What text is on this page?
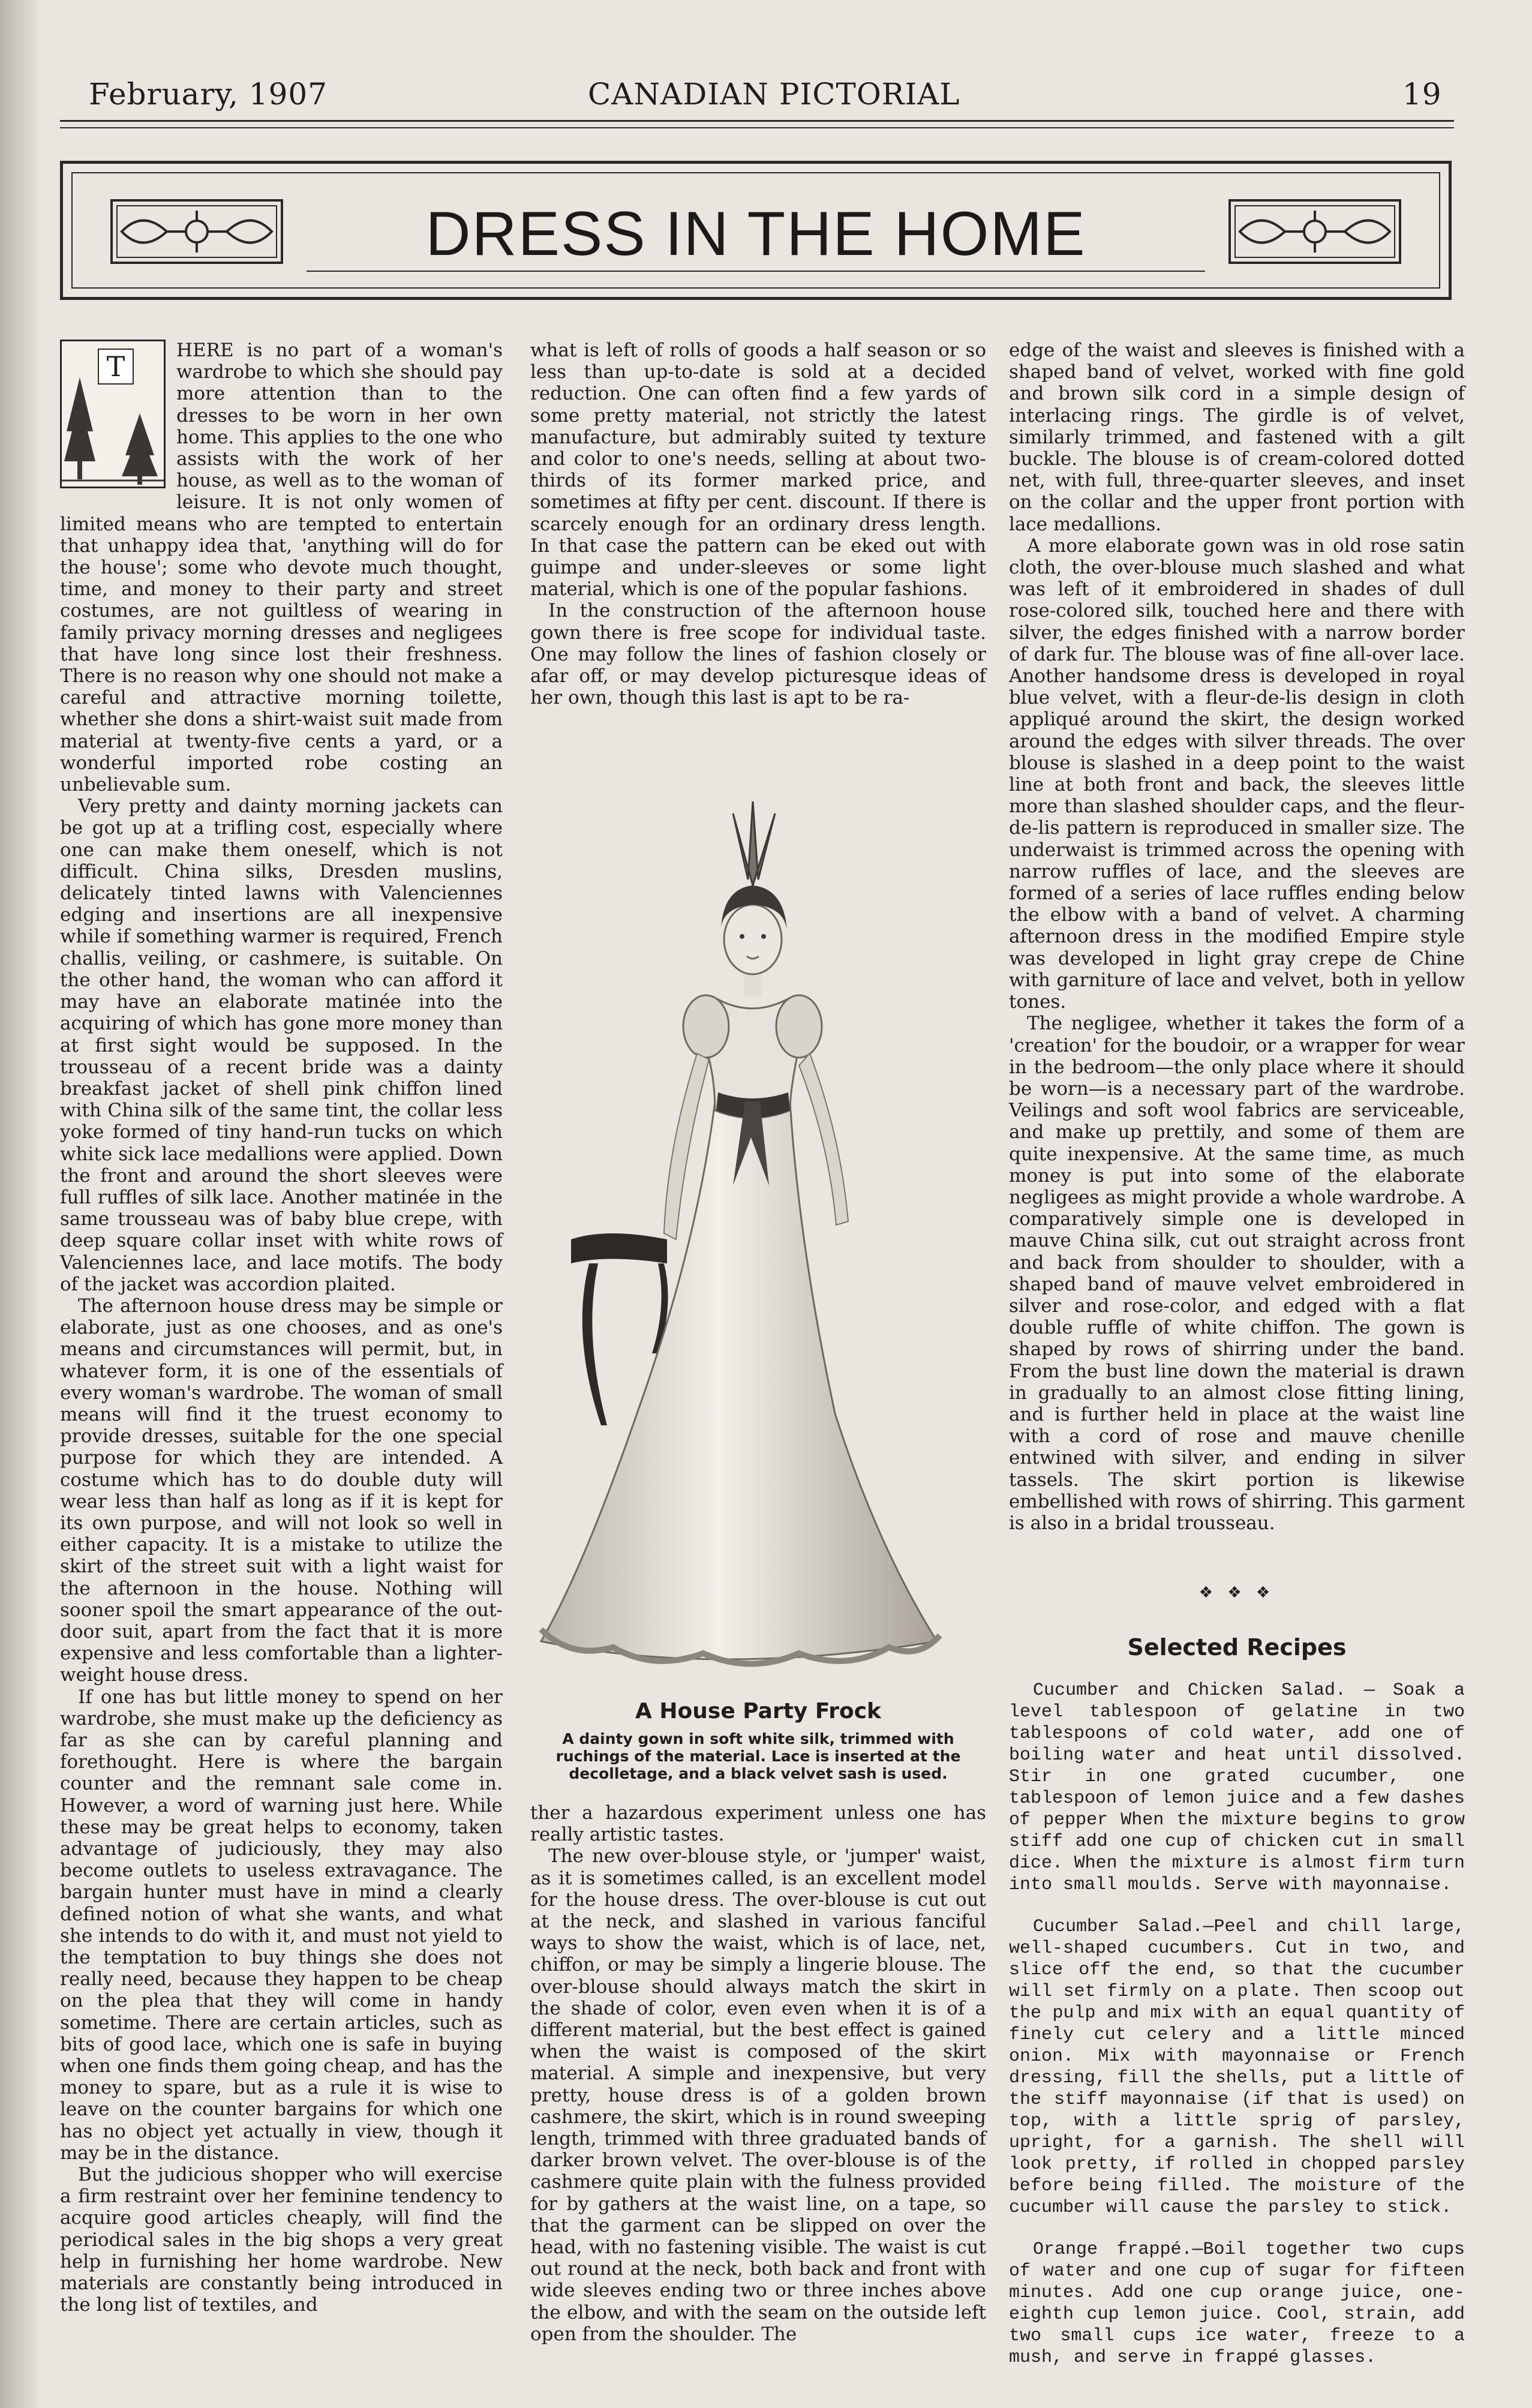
February, 1907	CANADIAN PICTORIAL	19
DRESS IN THE HOME
T	HERE is no part of a woman's wardrobe to which she should pay more attention than to the dresses to be worn in her own home. This applies to the one who assists with the work of her house, as well as to the woman of leisure. It is not only women of limited means who are tempted to entertain that unhappy idea that, 'anything will do for the house'; some who devote much thought, time, and money to their party and street costumes, are not guiltless of wearing in family privacy morning dresses and negligees that have long since lost their freshness. There is no reason why one should not make a careful and attractive morning toilette, whether she dons a shirt-waist suit made from material at twenty-five cents a yard, or a wonderful imported robe costing an unbelievable sum.

Very pretty and dainty morning jackets can be got up at a trifling cost, especially where one can make them oneself, which is not difficult. China silks, Dresden muslins, delicately tinted lawns with Valenciennes edging and insertions are all inexpensive while if something warmer is required, French challis, veiling, or cashmere, is suitable. On the other hand, the woman who can afford it may have an elaborate matinée into the acquiring of which has gone more money than at first sight would be supposed. In the trousseau of a recent bride was a dainty breakfast jacket of shell pink chiffon lined with China silk of the same tint, the collar less yoke formed of tiny hand-run tucks on which white sick lace medallions were applied. Down the front and around the short sleeves were full ruffles of silk lace. Another matinée in the same trousseau was of baby blue crepe, with deep square collar inset with white rows of Valenciennes lace, and lace motifs. The body of the jacket was accordion plaited.

The afternoon house dress may be simple or elaborate, just as one chooses, and as one's means and circumstances will permit, but, in whatever form, it is one of the essentials of every woman's wardrobe. The woman of small means will find it the truest economy to provide dresses, suitable for the one special purpose for which they are intended. A costume which has to do double duty will wear less than half as long as if it is kept for its own purpose, and will not look so well in either capacity. It is a mistake to utilize the skirt of the street suit with a light waist for the afternoon in the house. Nothing will sooner spoil the smart appearance of the out-door suit, apart from the fact that it is more expensive and less comfortable than a lighter-weight house dress.

If one has but little money to spend on her wardrobe, she must make up the deficiency as far as she can by careful planning and forethought. Here is where the bargain counter and the remnant sale come in. However, a word of warning just here. While these may be great helps to economy, taken advantage of judiciously, they may also become outlets to useless extravagance. The bargain hunter must have in mind a clearly defined notion of what she wants, and what she intends to do with it, and must not yield to the temptation to buy things she does not really need, because they happen to be cheap on the plea that they will come in handy sometime. There are certain articles, such as bits of good lace, which one is safe in buying when one finds them going cheap, and has the money to spare, but as a rule it is wise to leave on the counter bargains for which one has no object yet actually in view, though it may be in the distance.

But the judicious shopper who will exercise a firm restraint over her feminine tendency to acquire good articles cheaply, will find the periodical sales in the big shops a very great help in furnishing her home wardrobe. New materials are constantly being introduced in the long list of textiles, and

what is left of rolls of goods a half season or so less than up-to-date is sold at a decided reduction. One can often find a few yards of some pretty material, not strictly the latest manufacture, but admirably suited ty texture and color to one's needs, selling at about two-thirds of its former marked price, and sometimes at fifty per cent. discount. If there is scarcely enough for an ordinary dress length. In that case the pattern can be eked out with guimpe and under-sleeves or some light material, which is one of the popular fashions.

In the construction of the afternoon house gown there is free scope for individual taste. One may follow the lines of fashion closely or afar off, or may develop picturesque ideas of her own, though this last is apt to be ra-

A House Party Frock
A dainty gown in soft white silk, trimmed with ruchings of the material. Lace is inserted at the decolletage, and a black velvet sash is used.

ther a hazardous experiment unless one has really artistic tastes.

The new over-blouse style, or 'jumper' waist, as it is sometimes called, is an excellent model for the house dress. The over-blouse is cut out at the neck, and slashed in various fanciful ways to show the waist, which is of lace, net, chiffon, or may be simply a lingerie blouse. The over-blouse should always match the skirt in the shade of color, even even when it is of a different material, but the best effect is gained when the waist is composed of the skirt material. A simple and inexpensive, but very pretty, house dress is of a golden brown cashmere, the skirt, which is in round sweeping length, trimmed with three graduated bands of darker brown velvet. The over-blouse is of the cashmere quite plain with the fulness provided for by gathers at the waist line, on a tape, so that the garment can be slipped on over the head, with no fastening visible. The waist is cut out round at the neck, both back and front with wide sleeves ending two or three inches above the elbow, and with the seam on the outside left open from the shoulder. The

edge of the waist and sleeves is finished with a shaped band of velvet, worked with fine gold and brown silk cord in a simple design of interlacing rings. The girdle is of velvet, similarly trimmed, and fastened with a gilt buckle. The blouse is of cream-colored dotted net, with full, three-quarter sleeves, and inset on the collar and the upper front portion with lace medallions.

A more elaborate gown was in old rose satin cloth, the over-blouse much slashed and what was left of it embroidered in shades of dull rose-colored silk, touched here and there with silver, the edges finished with a narrow border of dark fur. The blouse was of fine all-over lace. Another handsome dress is developed in royal blue velvet, with a fleur-de-lis design in cloth appliqué around the skirt, the design worked around the edges with silver threads. The over blouse is slashed in a deep point to the waist line at both front and back, the sleeves little more than slashed shoulder caps, and the fleur-de-lis pattern is reproduced in smaller size. The underwaist is trimmed across the opening with narrow ruffles of lace, and the sleeves are formed of a series of lace ruffles ending below the elbow with a band of velvet. A charming afternoon dress in the modified Empire style was developed in light gray crepe de Chine with garniture of lace and velvet, both in yellow tones.

The negligee, whether it takes the form of a 'creation' for the boudoir, or a wrapper for wear in the bedroom—the only place where it should be worn—is a necessary part of the wardrobe. Veilings and soft wool fabrics are serviceable, and make up prettily, and some of them are quite inexpensive. At the same time, as much money is put into some of the elaborate negligees as might provide a whole wardrobe. A comparatively simple one is developed in mauve China silk, cut out straight across front and back from shoulder to shoulder, with a shaped band of mauve velvet embroidered in silver and rose-color, and edged with a flat double ruffle of white chiffon. The gown is shaped by rows of shirring under the band. From the bust line down the material is drawn in gradually to an almost close fitting lining, and is further held in place at the waist line with a cord of rose and mauve chenille entwined with silver, and ending in silver tassels. The skirt portion is likewise embellished with rows of shirring. This garment is also in a bridal trousseau.

❖ ❖ ❖
Selected Recipes

Cucumber and Chicken Salad. — Soak a level tablespoon of gelatine in two tablespoons of cold water, add one of boiling water and heat until dissolved. Stir in one grated cucumber, one tablespoon of lemon juice and a few dashes of pepper When the mixture begins to grow stiff add one cup of chicken cut in small dice. When the mixture is almost firm turn into small moulds. Serve with mayonnaise.

Cucumber Salad.—Peel and chill large, well-shaped cucumbers. Cut in two, and slice off the end, so that the cucumber will set firmly on a plate. Then scoop out the pulp and mix with an equal quantity of finely cut celery and a little minced onion. Mix with mayonnaise or French dressing, fill the shells, put a little of the stiff mayonnaise (if that is used) on top, with a little sprig of parsley, upright, for a garnish. The shell will look pretty, if rolled in chopped parsley before being filled. The moisture of the cucumber will cause the parsley to stick.

Orange frappé.—Boil together two cups of water and one cup of sugar for fifteen minutes. Add one cup orange juice, one-eighth cup lemon juice. Cool, strain, add two small cups ice water, freeze to a mush, and serve in frappé glasses.
